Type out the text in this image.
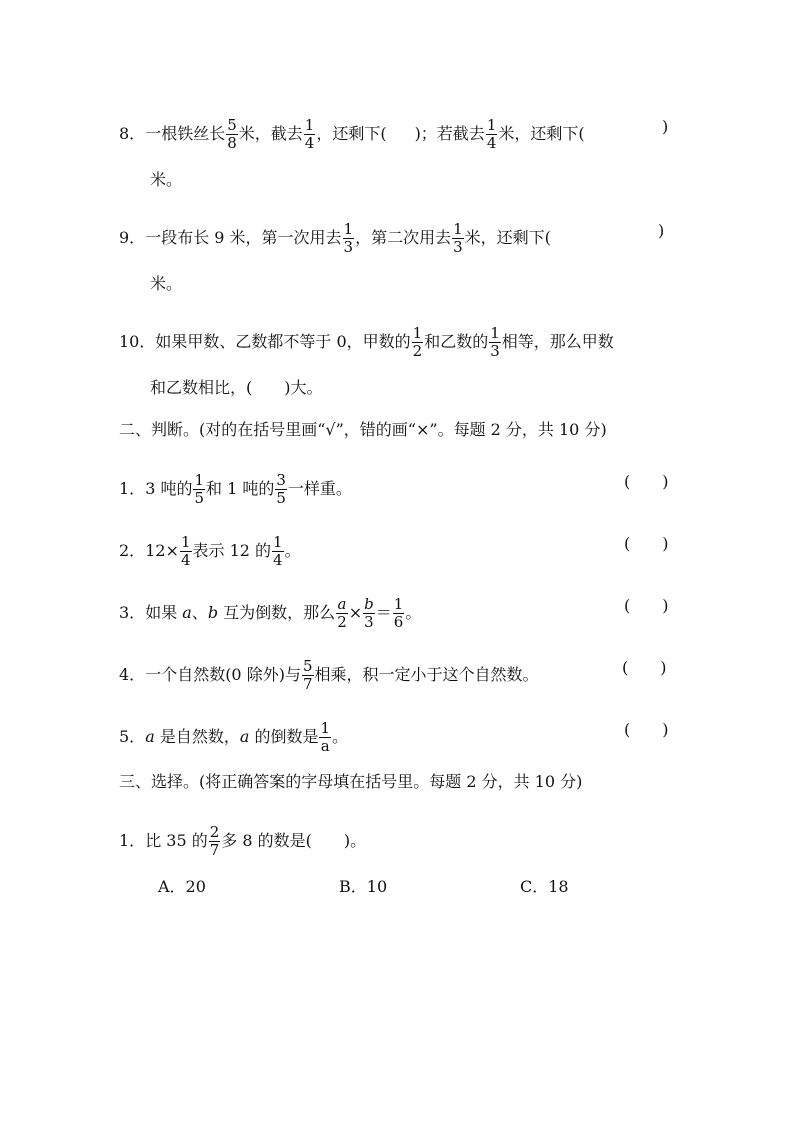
8．一根铁丝长 $\frac{5}{8}$ 米，截去 $\frac{1}{4}$ ，还剩下( )；若截去 $\frac{1}{4}$ 米，还剩下(	)
米。
9．一段布长 9 米，第一次用去 $\frac{1}{3}$ ，第二次用去 $\frac{1}{3}$ 米，还剩下(	)
米。
10．如果甲数、乙数都不等于 0，甲数的 $\frac{1}{2}$ 和乙数的 $\frac{1}{3}$ 相等，那么甲数
和乙数相比，(　　)大。
二、判断。(对的在括号里画“√”，错的画“×”。每题 2 分，共 10 分)
1．3 吨的 $\frac{1}{5}$ 和 1 吨的 $\frac{3}{5}$ 一样重。	(　　)
2．$12\times \frac{1}{4}$ 表示 12 的 $\frac{1}{4}$ 。	(　　)
3．如果 a、b 互为倒数，那么 $\frac{a}{2} \times \frac{b}{3} = \frac{1}{6}$ 。	(　　)
4．一个自然数(0 除外)与 $\frac{5}{7}$ 相乘，积一定小于这个自然数。	(　　)
5．a 是自然数，a 的倒数是 $\frac{1}{a}$ 。	(　　)
三、选择。(将正确答案的字母填在括号里。每题 2 分，共 10 分)
1．比 35 的 $\frac{2}{7}$ 多 8 的数是(　　)。
A．20	B．10	C．18
